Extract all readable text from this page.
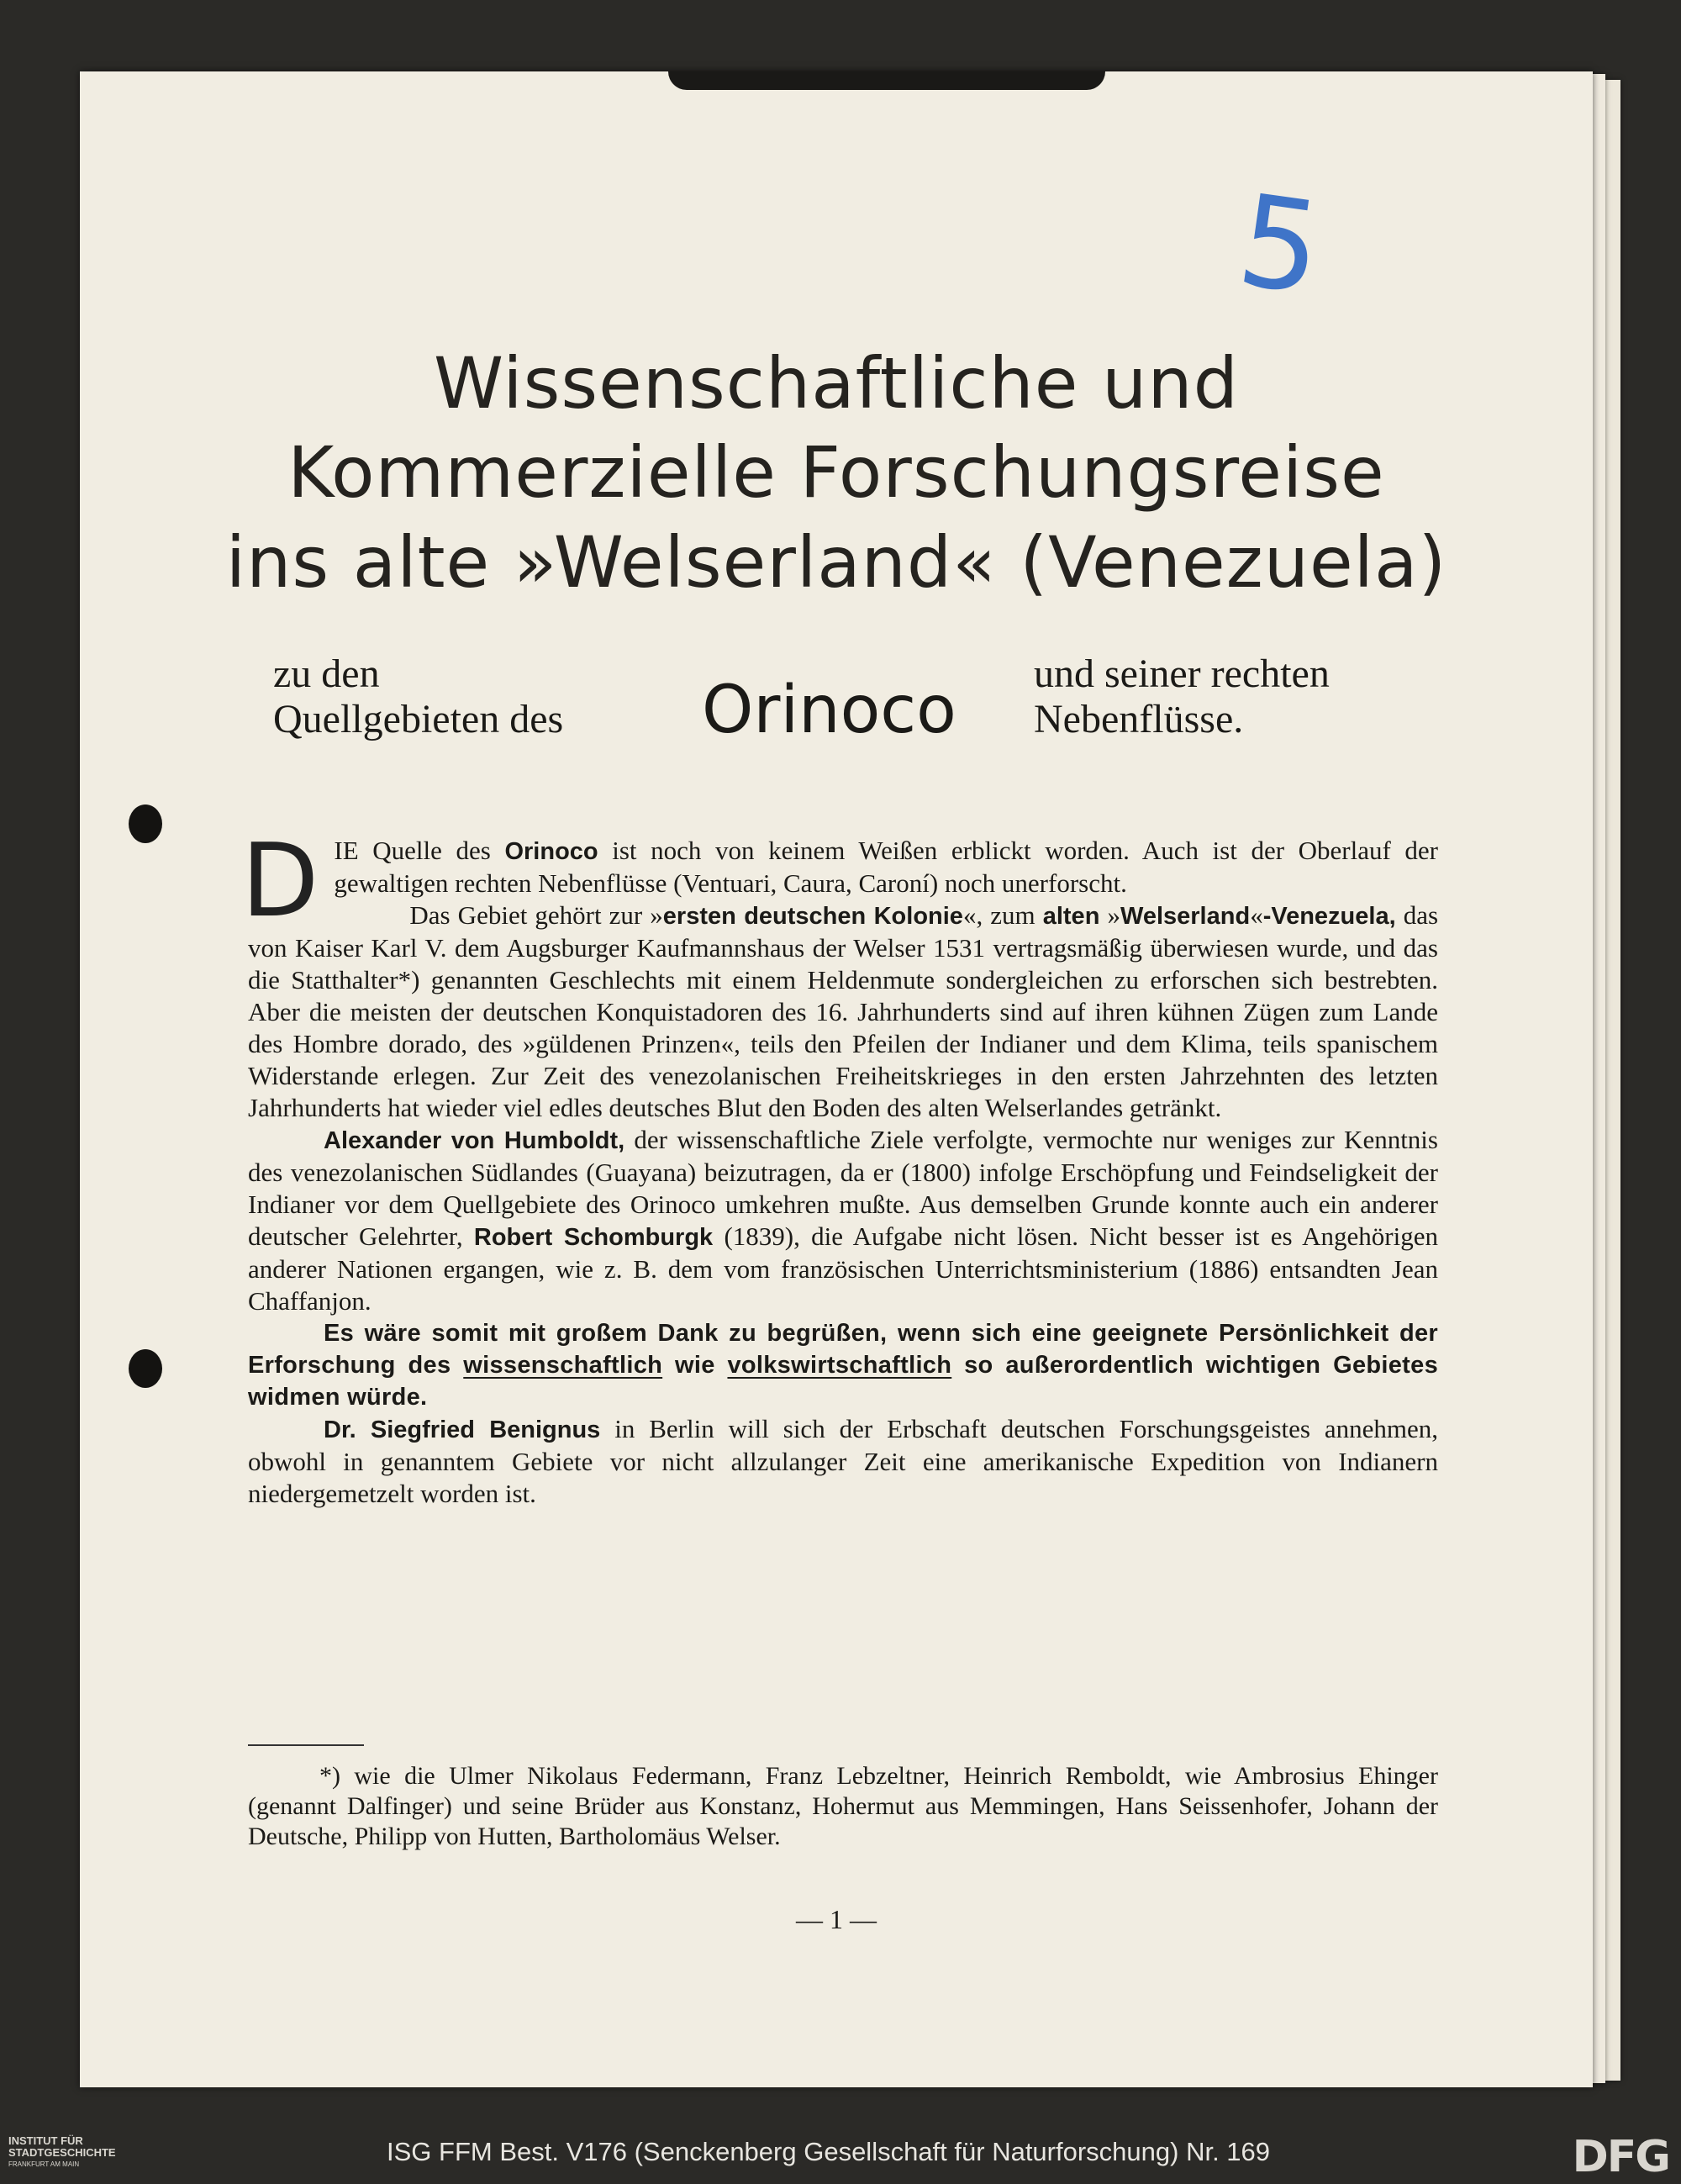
5
Wissenschaftliche und
Kommerzielle Forschungsreise
ins alte »Welserland« (Venezuela)
zu den
Quellgebieten des Orinoco und seiner rechten
Nebenflüsse.

DIE Quelle des Orinoco ist noch von keinem Weißen erblickt worden. Auch ist der Oberlauf der gewaltigen rechten Nebenflüsse (Ventuari, Caura, Caroní) noch unerforscht.

Das Gebiet gehört zur »ersten deutschen Kolonie«, zum alten »Welserland«-Venezuela, das von Kaiser Karl V. dem Augsburger Kaufmannshaus der Welser 1531 vertragsmäßig überwiesen wurde, und das die Statthalter*) genannten Geschlechts mit einem Heldenmute sondergleichen zu erforschen sich bestrebten. Aber die meisten der deutschen Konquistadoren des 16. Jahrhunderts sind auf ihren kühnen Zügen zum Lande des Hombre dorado, des »güldenen Prinzen«, teils den Pfeilen der Indianer und dem Klima, teils spanischem Widerstande erlegen. Zur Zeit des venezolanischen Freiheitskrieges in den ersten Jahrzehnten des letzten Jahrhunderts hat wieder viel edles deutsches Blut den Boden des alten Welserlandes getränkt.

Alexander von Humboldt, der wissenschaftliche Ziele verfolgte, vermochte nur weniges zur Kenntnis des venezolanischen Südlandes (Guayana) beizutragen, da er (1800) infolge Erschöpfung und Feindseligkeit der Indianer vor dem Quellgebiete des Orinoco umkehren mußte. Aus demselben Grunde konnte auch ein anderer deutscher Gelehrter, Robert Schomburgk (1839), die Aufgabe nicht lösen. Nicht besser ist es Angehörigen anderer Nationen ergangen, wie z. B. dem vom französischen Unterrichtsministerium (1886) entsandten Jean Chaffanjon.

Es wäre somit mit großem Dank zu begrüßen, wenn sich eine geeignete Persönlichkeit der Erforschung des wissenschaftlich wie volkswirtschaftlich so außerordentlich wichtigen Gebietes widmen würde.

Dr. Siegfried Benignus in Berlin will sich der Erbschaft deutschen Forschungsgeistes annehmen, obwohl in genanntem Gebiete vor nicht allzulanger Zeit eine amerikanische Expedition von Indianern niedergemetzelt worden ist.

*) wie die Ulmer Nikolaus Federmann, Franz Lebzeltner, Heinrich Remboldt, wie Ambrosius Ehinger (genannt Dalfinger) und seine Brüder aus Konstanz, Hohermut aus Memmingen, Hans Seissenhofer, Johann der Deutsche, Philipp von Hutten, Bartholomäus Welser.

— 1 —
INSTITUT FÜR
STADTGESCHICHTE
FRANKFURT AM MAIN	ISG FFM Best. V176 (Senckenberg Gesellschaft für Naturforschung) Nr. 169	DFG
